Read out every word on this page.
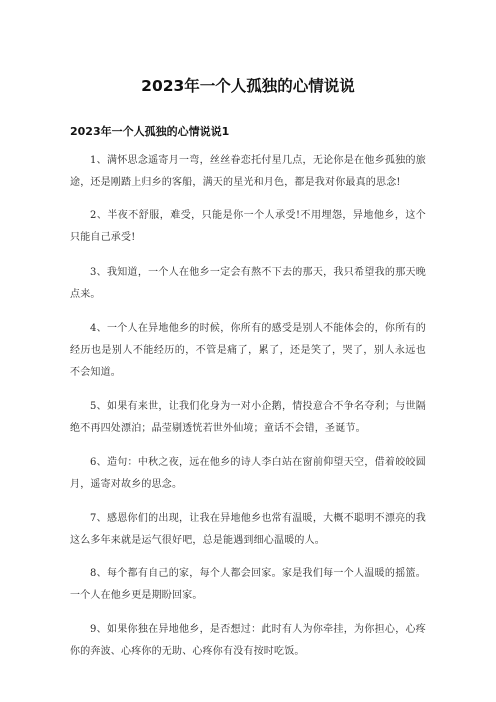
2023年一个人孤独的心情说说
2023年一个人孤独的心情说说1

1、满怀思念遥寄月一弯，丝丝眷恋托付星几点，无论你是在他乡孤独的旅途，还是刚踏上归乡的客船，满天的星光和月色，都是我对你最真的思念!

2、半夜不舒服，难受，只能是你一个人承受!不用埋怨，异地他乡，这个只能自己承受!

3、我知道，一个人在他乡一定会有熬不下去的那天，我只希望我的那天晚点来。

4、一个人在异地他乡的时候，你所有的感受是别人不能体会的，你所有的经历也是别人不能经历的，不管是痛了，累了，还是笑了，哭了，别人永远也不会知道。

5、如果有来世，让我们化身为一对小企鹅，情投意合不争名夺利；与世隔绝不再四处漂泊；晶莹剔透恍若世外仙境；童话不会错，圣诞节。

6、造句：中秋之夜，远在他乡的诗人李白站在窗前仰望天空，借着皎皎圆月，遥寄对故乡的思念。

7、感恩你们的出现，让我在异地他乡也常有温暖，大概不聪明不漂亮的我这么多年来就是运气很好吧，总是能遇到细心温暖的人。

8、每个都有自己的家，每个人都会回家。家是我们每一个人温暖的摇篮。一个人在他乡更是期盼回家。

9、如果你独在异地他乡，是否想过：此时有人为你牵挂，为你担心，心疼你的奔波、心疼你的无助、心疼你有没有按时吃饭。
